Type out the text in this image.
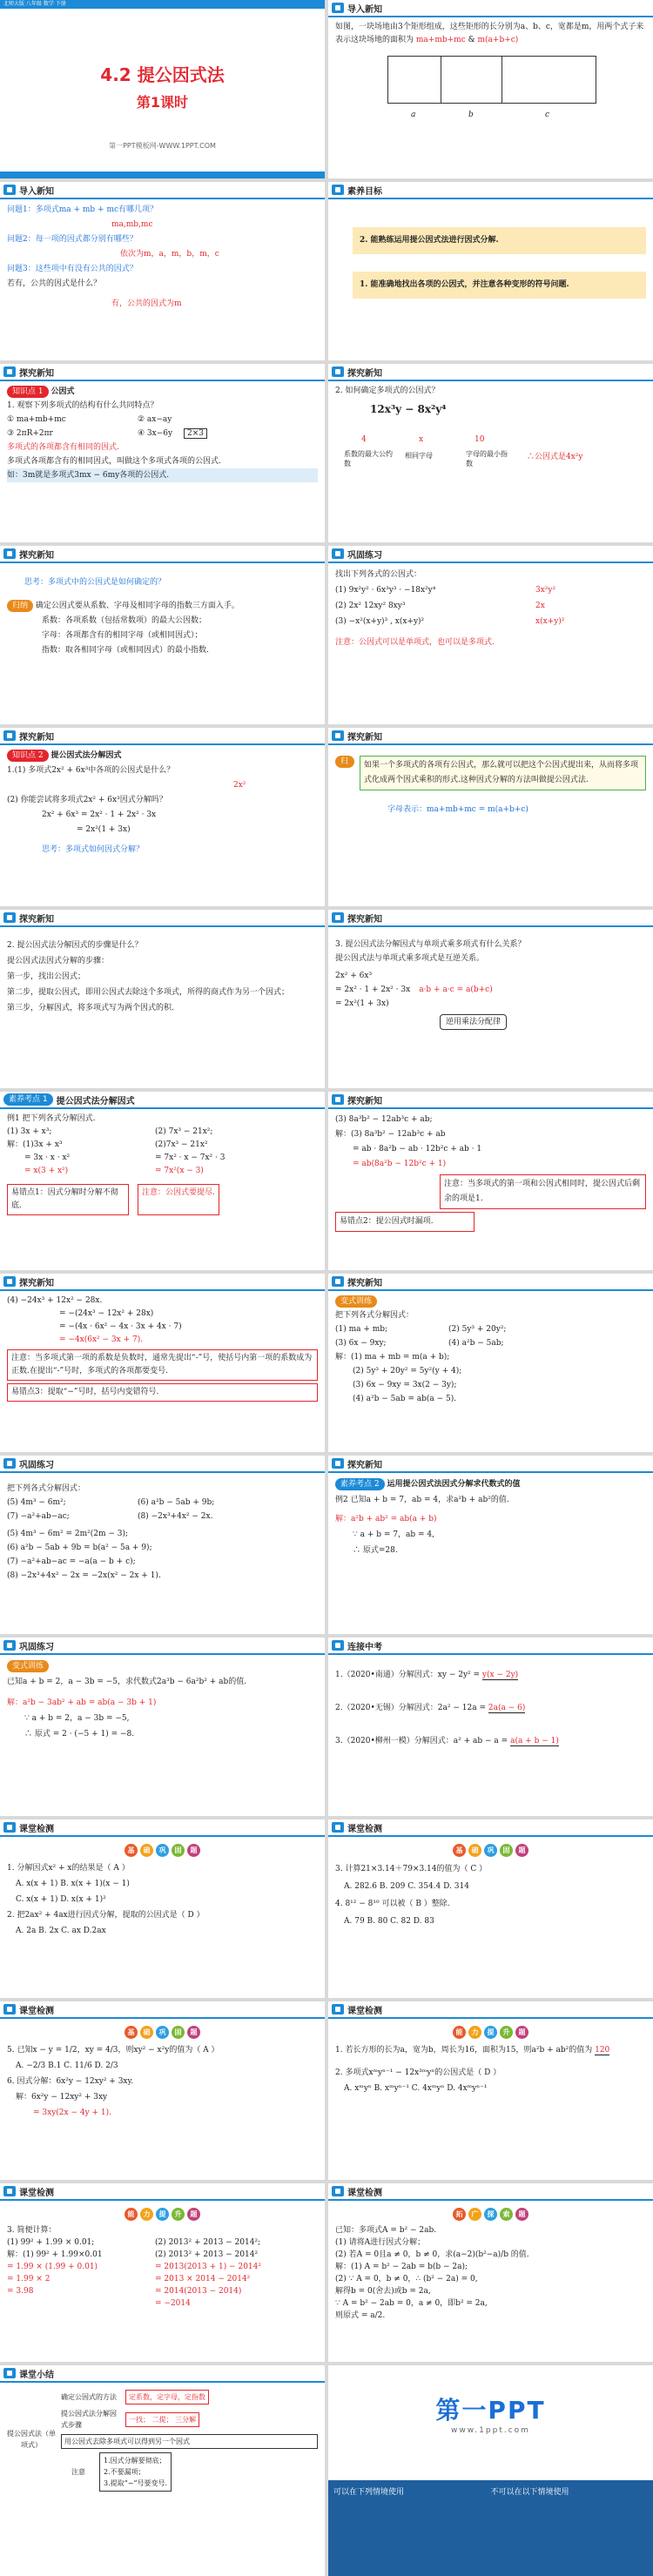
北师大版 八年级 数学 下册
4.2 提公因式法
第1课时
第一PPT模板网-WWW.1PPT.COM
导入新知

如图，一块场地由3个矩形组成，这些矩形的长分别为a、b、c，宽都是m，用两个式子来表示这块场地的面积为 ma+mb+mc & m(a+b+c)

a	b	c
导入新知

问题1：多项式ma + mb + mc有哪几项？

ma,mb,mc

问题2：每一项的因式都分别有哪些？

依次为m，a，m，b，m，c

问题3：这些项中有没有公共的因式？

若有，公共的因式是什么？

有，公共的因式为m

素养目标
2. 能熟练运用提公因式法进行因式分解.
1. 能准确地找出各项的公因式，并注意各种变形的符号问题.
探究新知

知识点 1 公因式

1. 观察下列多项式的结构有什么共同特点？

① ma+mb+mc	② ax−ay

③ 2πR+2πr	④ 3x−6y 2×3

多项式的各项都含有相同的因式.

多项式各项都含有的相同因式，叫做这个多项式各项的公因式.

如：3m就是多项式3mx − 6my各项的公因式.

探究新知

2. 如何确定多项式的公因式？

12x³y − 8x²y⁴

4	x	10
系数的最大公约数
相同字母	字母的最小指数
∴公因式是4x²y
探究新知

思考：多项式中的公因式是如何确定的？

归纳 确定公因式要从系数、字母及相同字母的指数三方面入手。

系数：各项系数（包括常数项）的最大公因数；

字母：各项都含有的相同字母（或相同因式）；

指数：取各相同字母（或相同因式）的最小指数.

巩固练习

找出下列各式的公因式：

(1) 9x²y² · 6x³y³ · −18x²y⁴	3x²y²

(2) 2x² 12xy² 8xy³	2x

(3) −x²(x+y)³ , x(x+y)²	x(x+y)²

注意：公因式可以是单项式，也可以是多项式.

探究新知

知识点 2 提公因式法分解因式

1.(1) 多项式2x² + 6x³中各项的公因式是什么？

2x²

(2) 你能尝试将多项式2x² + 6x³因式分解吗？

2x² + 6x³ = 2x² · 1 + 2x² · 3x

= 2x²(1 + 3x)

思考：多项式如何因式分解？

探究新知
归纳

如果一个多项式的各项有公因式，那么就可以把这个公因式提出来，从而将多项式化成两个因式乘积的形式.这种因式分解的方法叫做提公因式法.

字母表示：ma+mb+mc = m(a+b+c)

探究新知

2. 提公因式法分解因式的步骤是什么？

提公因式法因式分解的步骤：

第一步，找出公因式；

第二步，提取公因式，即用公因式去除这个多项式，所得的商式作为另一个因式；

第三步，分解因式，将多项式写为两个因式的积.

探究新知

3. 提公因式法分解因式与单项式乘多项式有什么关系？

提公因式法与单项式乘多项式是互逆关系。

2x² + 6x³

= 2x² · 1 + 2x² · 3x

= 2x²(1 + 3x)

a·b + a·c = a(b+c)

逆用乘法分配律

素养考点 1	提公因式法分解因式

例1 把下列各式分解因式.

(1) 3x + x³;	(2) 7x³ − 21x²;

解：(1)3x + x³

= 3x · x · x²

= x(3 + x²)

(2)7x³ − 21x²

= 7x² · x − 7x² · 3

= 7x²(x − 3)

易错点1：因式分解时分解不彻底.

注意：公因式要提尽.

探究新知

(3) 8a³b² − 12ab³c + ab;

解：(3) 8a³b² − 12ab³c + ab

= ab · 8a²b − ab · 12b²c + ab · 1

= ab(8a²b − 12b²c + 1)

注意：当多项式的第一项和公因式相同时，提公因式后剩余的项是1.

易错点2：提公因式时漏项.

探究新知

(4) −24x³ + 12x² − 28x.

= −(24x³ − 12x² + 28x)

= −(4x · 6x² − 4x · 3x + 4x · 7)

= −4x(6x² − 3x + 7).

注意：当多项式第一项的系数是负数时，通常先提出“-”号，使括号内第一项的系数成为正数.在提出“-”号时，多项式的各项都要变号.

易错点3：提取“−”号时，括号内变错符号.

探究新知

变式训练

把下列各式分解因式：

(1) ma + mb;	(2) 5y³ + 20y²;

(3) 6x − 9xy;	(4) a²b − 5ab;

解：(1) ma + mb = m(a + b);

(2) 5y³ + 20y² = 5y²(y + 4);

(3) 6x − 9xy = 3x(2 − 3y);

(4) a²b − 5ab = ab(a − 5).

巩固练习

把下列各式分解因式：

(5) 4m³ − 6m²;	(6) a²b − 5ab + 9b;

(7) −a²+ab−ac;	(8) −2x³+4x² − 2x.

(5) 4m³ − 6m² = 2m²(2m − 3);

(6) a²b − 5ab + 9b = b(a² − 5a + 9);

(7) −a²+ab−ac = −a(a − b + c);

(8) −2x³+4x² − 2x = −2x(x² − 2x + 1).

探究新知

素养考点 2 运用提公因式法因式分解求代数式的值

例2 已知a + b = 7，ab = 4，求a²b + ab²的值.

解：a²b + ab² = ab(a + b)

∵ a + b = 7，ab = 4,

∴ 原式=28.

巩固练习

变式训练

已知a + b = 2，a − 3b = −5，求代数式2a³b − 6a²b² + ab的值.

解：a²b − 3ab² + ab = ab(a − 3b + 1)

∵ a + b = 2，a − 3b = −5,

∴ 原式 = 2 · (−5 + 1) = −8.

连接中考

1.（2020•南通）分解因式：xy − 2y² = y(x − 2y)

2.（2020•无锡）分解因式：2a² − 12a = 2a(a − 6)

3.（2020•柳州一模）分解因式：a² + ab − a = a(a + b − 1)

课堂检测
基	础	巩	固	题

1. 分解因式x² + x的结果是（ A ）

A. x(x + 1) B. x(x + 1)(x − 1)

C. x(x + 1) D. x(x + 1)²

2. 把2ax² + 4ax进行因式分解，提取的公因式是（ D ）

A. 2a B. 2x C. ax D.2ax

课堂检测
基	础	巩	固	题

3. 计算21×3.14＋79×3.14的值为（ C ）

A. 282.6 B. 209 C. 354.4 D. 314

4. 8¹² − 8¹⁰ 可以被（ B ）整除.

A. 79 B. 80 C. 82 D. 83

课堂检测
基	础	巩	固	题

5. 已知x − y = 1/2，xy = 4/3，则xy² − x²y的值为（ A ）

A. −2/3 B.1 C. 11/6 D. 2/3

6. 因式分解：6x²y − 12xy² + 3xy.

解：6x²y − 12xy² + 3xy

= 3xy(2x − 4y + 1).

课堂检测
能	力	提	升	题

1. 若长方形的长为a，宽为b，周长为16，面积为15，则a²b + ab²的值为 120

2. 多项式xᵐyⁿ⁻¹ − 12x³ᵐyⁿ的公因式是（ D ）

A. xᵐyⁿ B. xᵐyⁿ⁻¹ C. 4xᵐyⁿ D. 4xᵐyⁿ⁻¹

课堂检测
能	力	提	升	题

3. 简便计算：

(1) 99² + 1.99 × 0.01;	(2) 2013² + 2013 − 2014²;

解：(1) 99² + 1.99×0.01

= 1.99 × (1.99 + 0.01)

= 1.99 × 2

= 3.98

(2) 2013² + 2013 − 2014²

= 2013(2013 + 1) − 2014²

= 2013 × 2014 − 2014²

= 2014(2013 − 2014)

= −2014

课堂检测
拓	广	探	索	题

已知：多项式A = b² − 2ab.

(1) 请将A进行因式分解；

(2) 若A = 0且a ≠ 0，b ≠ 0，求(a−2)(b²−a)/b 的值.

解：(1) A = b² − 2ab = b(b − 2a);

(2) ∵ A = 0，b ≠ 0，∴ (b² − 2a) = 0,

解得b = 0(舍去)或b = 2a,

∵ A = b² − 2ab = 0，a ≠ 0，即b² = 2a,

则原式 = a/2.

课堂小结
提公因式法（单项式）
确定公因式的方法	定系数，定字母，定指数
提公因式法分解因式步骤
一找； 二提； 三分解
用公因式去除多项式可以得到另一个因式
注意

1.因式分解要彻底；

2.不要漏项；

3.提取“−”号要变号.

第一PPT
www.1ppt.com
可以在下列情境使用	不可以在以下情境使用
